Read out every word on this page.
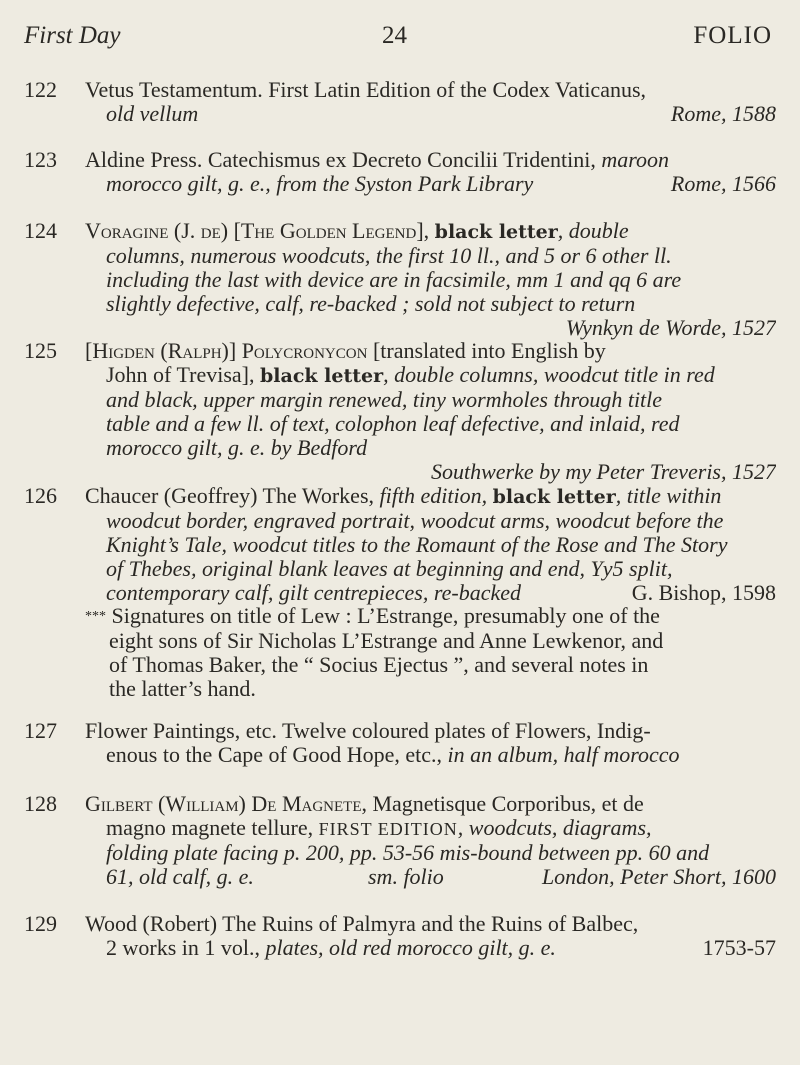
First Day	24	FOLIO
122	Vetus Testamentum. First Latin Edition of the Codex Vaticanus,
old vellum	Rome, 1588
123	Aldine Press. Catechismus ex Decreto Concilii Tridentini, maroon
morocco gilt, g. e., from the Syston Park Library	Rome, 1566
124	Voragine (J. de) [The Golden Legend], black letter, double
columns, numerous woodcuts, the first 10 ll., and 5 or 6 other ll.
including the last with device are in facsimile, mm 1 and qq 6 are
slightly defective, calf, re-backed ; sold not subject to return
Wynkyn de Worde, 1527
125	[Higden (Ralph)] Polycronycon [translated into English by
John of Trevisa], black letter, double columns, woodcut title in red
and black, upper margin renewed, tiny wormholes through title
table and a few ll. of text, colophon leaf defective, and inlaid, red
morocco gilt, g. e. by Bedford
Southwerke by my Peter Treveris, 1527
126	Chaucer (Geoffrey) The Workes, fifth edition, black letter, title within
woodcut border, engraved portrait, woodcut arms, woodcut before the
Knight’s Tale, woodcut titles to the Romaunt of the Rose and The Story
of Thebes, original blank leaves at beginning and end, Yy5 split,
contemporary calf, gilt centrepieces, re-backed	G. Bishop, 1598
*** Signatures on title of Lew : L’Estrange, presumably one of the
eight sons of Sir Nicholas L’Estrange and Anne Lewkenor, and
of Thomas Baker, the “ Socius Ejectus ”, and several notes in
the latter’s hand.
127	Flower Paintings, etc. Twelve coloured plates of Flowers, Indig-
enous to the Cape of Good Hope, etc., in an album, half morocco
128	Gilbert (William) De Magnete, Magnetisque Corporibus, et de
magno magnete tellure, FIRST EDITION, woodcuts, diagrams,
folding plate facing p. 200, pp. 53-56 mis-bound between pp. 60 and
61, old calf, g. e.	sm. folio	London, Peter Short, 1600
129	Wood (Robert) The Ruins of Palmyra and the Ruins of Balbec,
2 works in 1 vol., plates, old red morocco gilt, g. e.	1753-57
